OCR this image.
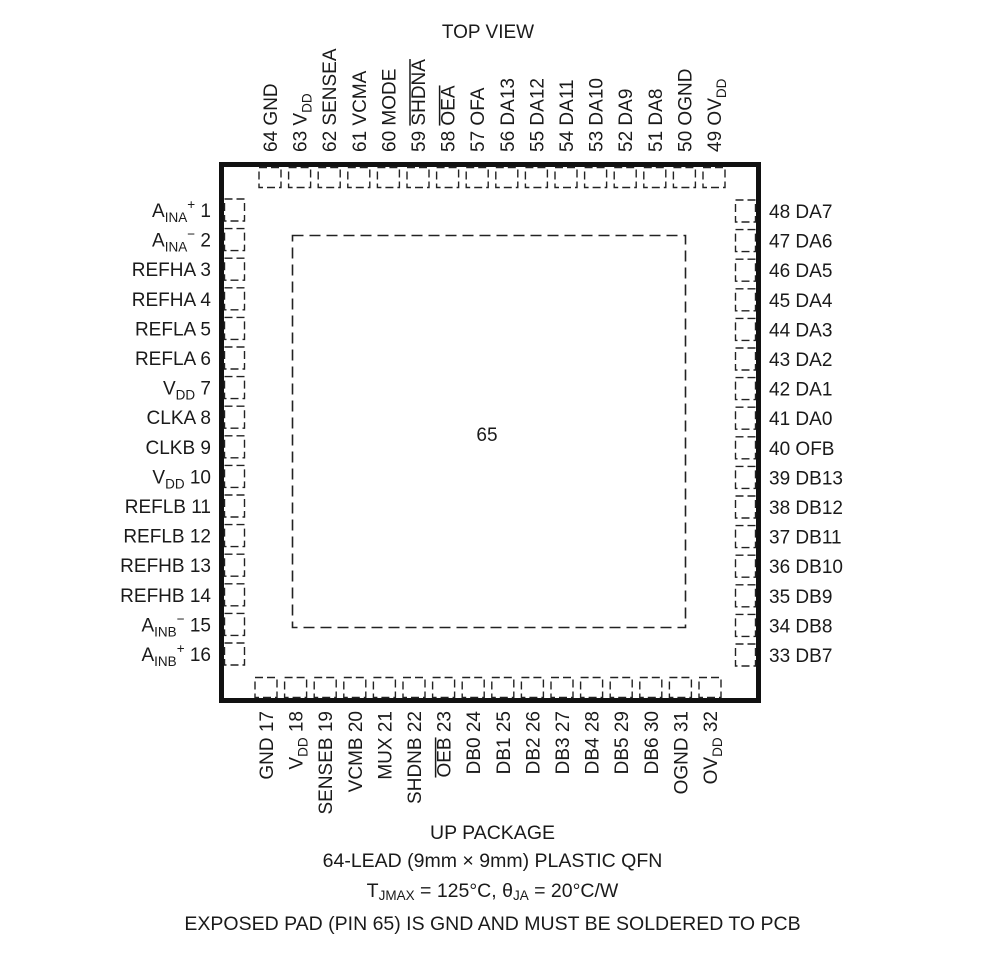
TOP VIEW
65
$A_{INA}^+$ 1
$A_{INA}^-$ 2
REFHA 3
REFHA 4
REFLA 5
REFLA 6
$V_{DD}$ 7
CLKA 8
CLKB 9
$V_{DD}$ 10
REFLB 11
REFLB 12
REFHB 13
REFHB 14
$A_{INB}^-$ 15
$A_{INB}^+$ 16
GND 17
$V_{DD}$ 18
SENSEB 19
VCMB 20
MUX 21
SHDNB 22
OEB 23
DB0 24
DB1 25
DB2 26
DB3 27
DB4 28
DB5 29
DB6 30
OGND 31
$OV_{DD}$ 32
33 DB7
34 DB8
35 DB9
36 DB10
37 DB11
38 DB12
39 DB13
40 OFB
41 DA0
42 DA1
43 DA2
44 DA3
45 DA4
46 DA5
47 DA6
48 DA7
49 $OV_{DD}$
50 OGND
51 DA8
52 DA9
53 DA10
54 DA11
55 DA12
56 DA13
57 OFA
58 OEA
59 SHDNA
60 MODE
61 VCMA
62 SENSEA
63 $V_{DD}$
64 GND
UP PACKAGE
64-LEAD (9mm × 9mm) PLASTIC QFN
$T_{JMAX} = 125^\circ C$, $\theta_{JA} = 20^\circ C/W$
EXPOSED PAD (PIN 65) IS GND AND MUST BE SOLDERED TO PCB
